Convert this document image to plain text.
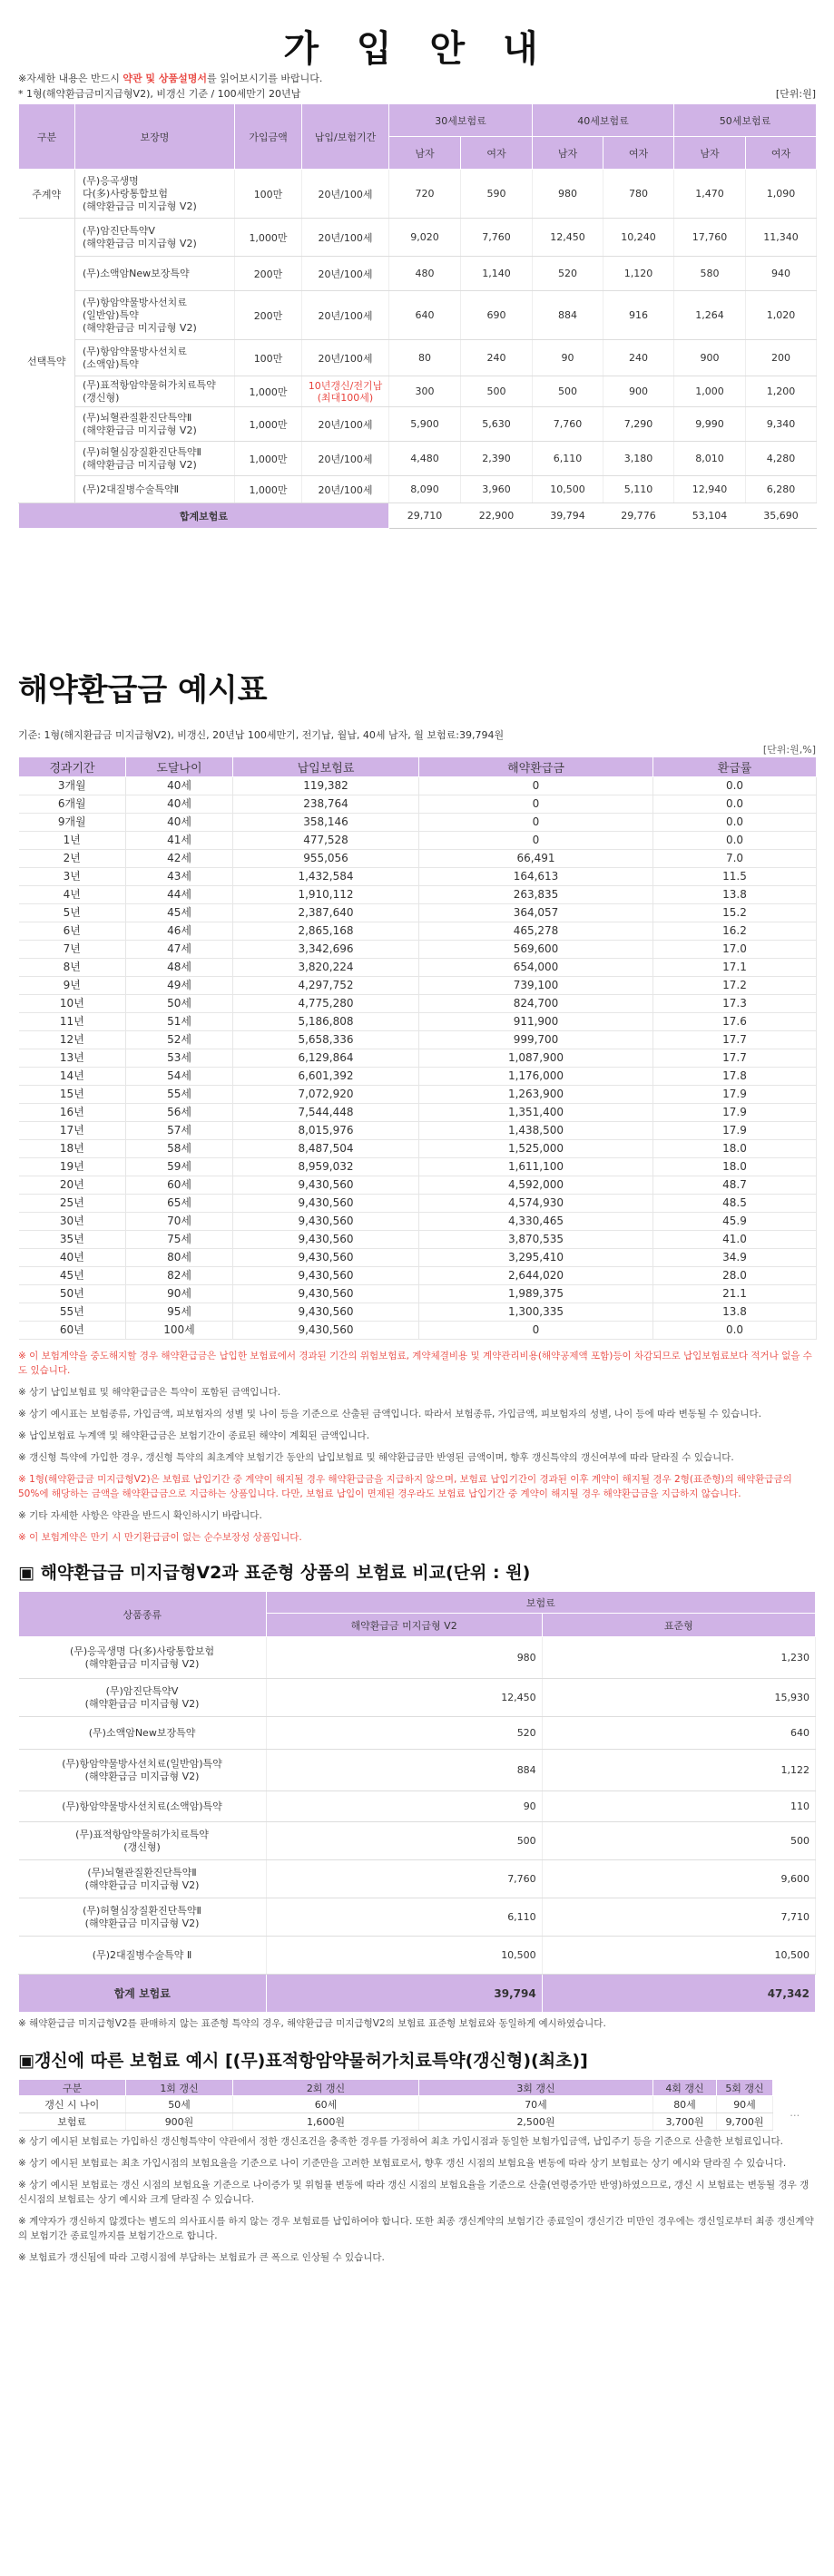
가 입 안 내
※자세한 내용은 반드시 약관 및 상품설명서를 읽어보시기를 바랍니다.
* 1형(해약환급금미지급형Ⅴ2), 비갱신 기준 / 100세만기 20년납	[단위:원]
구분	보장명	가입금액	납입/보험기간	30세보험료		40세보험료		50세보험료	
				남자	여자	남자	여자	남자	여자
주계약	(무)응곡생명
다(多)사랑통합보험
(해약환급금 미지급형 V2)	100만	20년/100세	720	590	980	780	1,470	1,090
선택특약	(무)암진단특약V
(해약환급금 미지급형 V2)	1,000만	20년/100세	9,020	7,760	12,450	10,240	17,760	11,340
	(무)소액암New보장특약	200만	20년/100세	480	1,140	520	1,120	580	940
	(무)항암약물방사선치료
(일반암)특약
(해약환급금 미지급형 V2)	200만	20년/100세	640	690	884	916	1,264	1,020
	(무)항암약물방사선치료
(소액암)특약	100만	20년/100세	80	240	90	240	900	200
	(무)표적항암약물허가치료특약
(갱신형)	1,000만	10년갱신/전기납
(최대100세)	300	500	500	900	1,000	1,200
	(무)뇌혈관질환진단특약Ⅱ
(해약환급금 미지급형 V2)	1,000만	20년/100세	5,900	5,630	7,760	7,290	9,990	9,340
	(무)허혈심장질환진단특약Ⅱ
(해약환급금 미지급형 V2)	1,000만	20년/100세	4,480	2,390	6,110	3,180	8,010	4,280
	(무)2대질병수술특약Ⅱ	1,000만	20년/100세	8,090	3,960	10,500	5,110	12,940	6,280
합계보험료				29,710	22,900	39,794	29,776	53,104	35,690
해약환급금 예시표
기준: 1형(해지환급금 미지급형Ⅴ2), 비갱신, 20년납 100세만기, 전기납, 월납, 40세 남자, 월 보험료:39,794원
[단위:원,%]
경과기간	도달나이	납입보험료	해약환급금	환급률
3개월	40세	119,382	0	0.0
6개월	40세	238,764	0	0.0
9개월	40세	358,146	0	0.0
1년	41세	477,528	0	0.0
2년	42세	955,056	66,491	7.0
3년	43세	1,432,584	164,613	11.5
4년	44세	1,910,112	263,835	13.8
5년	45세	2,387,640	364,057	15.2
6년	46세	2,865,168	465,278	16.2
7년	47세	3,342,696	569,600	17.0
8년	48세	3,820,224	654,000	17.1
9년	49세	4,297,752	739,100	17.2
10년	50세	4,775,280	824,700	17.3
11년	51세	5,186,808	911,900	17.6
12년	52세	5,658,336	999,700	17.7
13년	53세	6,129,864	1,087,900	17.7
14년	54세	6,601,392	1,176,000	17.8
15년	55세	7,072,920	1,263,900	17.9
16년	56세	7,544,448	1,351,400	17.9
17년	57세	8,015,976	1,438,500	17.9
18년	58세	8,487,504	1,525,000	18.0
19년	59세	8,959,032	1,611,100	18.0
20년	60세	9,430,560	4,592,000	48.7
25년	65세	9,430,560	4,574,930	48.5
30년	70세	9,430,560	4,330,465	45.9
35년	75세	9,430,560	3,870,535	41.0
40년	80세	9,430,560	3,295,410	34.9
45년	82세	9,430,560	2,644,020	28.0
50년	90세	9,430,560	1,989,375	21.1
55년	95세	9,430,560	1,300,335	13.8
60년	100세	9,430,560	0	0.0

※ 이 보험계약을 중도해지할 경우 해약환급금은 납입한 보험료에서 경과된 기간의 위험보험료, 계약체결비용 및 계약관리비용(해약공제액 포함)등이 차감되므로 납입보험료보다 적거나 없을 수도 있습니다.

※ 상기 납입보험료 및 해약환급금은 특약이 포함된 금액입니다.

※ 상기 예시표는 보험종류, 가입금액, 피보험자의 성별 및 나이 등을 기준으로 산출된 금액입니다. 따라서 보험종류, 가입금액, 피보험자의 성별, 나이 등에 따라 변동될 수 있습니다.

※ 납입보험료 누계액 및 해약환급금은 보험기간이 종료된 해약이 계획된 금액입니다.

※ 갱신형 특약에 가입한 경우, 갱신형 특약의 최초계약 보험기간 동안의 납입보험료 및 해약환급금만 반영된 금액이며, 향후 갱신특약의 갱신여부에 따라 달라질 수 있습니다.

※ 1형(해약환급금 미지급형V2)은 보험료 납입기간 중 계약이 해지될 경우 해약환급금을 지급하지 않으며, 보험료 납입기간이 경과된 이후 계약이 해지될 경우 2형(표준형)의 해약환급금의 50%에 해당하는 금액을 해약환급금으로 지급하는 상품입니다. 다만, 보험료 납입이 면제된 경우라도 보험료 납입기간 중 계약이 해지될 경우 해약환급금을 지급하지 않습니다.

※ 기타 자세한 사항은 약관을 반드시 확인하시기 바랍니다.

※ 이 보험계약은 만기 시 만기환급금이 없는 순수보장성 상품입니다.

▣ 해약환급금 미지급형Ⅴ2과 표준형 상품의 보험료 비교(단위 : 원)
상품종류	보험료	
	해약환급금 미지급형 V2	표준형
(무)응곡생명 다(多)사랑통합보험
(해약환급금 미지급형 V2)	980	1,230
(무)암진단특약V
(해약환급금 미지급형 V2)	12,450	15,930
(무)소액암New보장특약	520	640
(무)항암약물방사선치료(일반암)특약
(해약환급금 미지급형 V2)	884	1,122
(무)항암약물방사선치료(소액암)특약	90	110
(무)표적항암약물허가치료특약
(갱신형)	500	500
(무)뇌혈관질환진단특약Ⅱ
(해약환급금 미지급형 V2)	7,760	9,600
(무)허혈심장질환진단특약Ⅱ
(해약환급금 미지급형 V2)	6,110	7,710
(무)2대질병수술특약 Ⅱ	10,500	10,500
합계 보험료	39,794	47,342

※ 해약환급금 미지급형Ⅴ2를 판매하지 않는 표준형 특약의 경우, 해약환급금 미지급형Ⅴ2의 보험료 표준형 보험료와 동일하게 예시하였습니다.

▣갱신에 따른 보험료 예시 [(무)표적항암약물허가치료특약(갱신형)(최초)]
구분	1회 갱신	2회 갱신	3회 갱신	4회 갱신	5회 갱신	
갱신 시 나이	50세	60세	70세	80세	90세	…
보험료	900원	1,600원	2,500원	3,700원	9,700원	

※ 상기 예시된 보험료는 가입하신 갱신형특약이 약관에서 정한 갱신조건을 충족한 경우를 가정하여 최초 가입시점과 동일한 보험가입금액, 납입주기 등을 기준으로 산출한 보험료입니다.

※ 상기 예시된 보험료는 최초 가입시점의 보험요율을 기준으로 나이 기준만을 고려한 보험료로서, 향후 갱신 시점의 보험요율 변동에 따라 상기 보험료는 상기 예시와 달라질 수 있습니다.

※ 상기 예시된 보험료는 갱신 시점의 보험요율 기준으로 나이증가 및 위험률 변동에 따라 갱신 시점의 보험요율을 기준으로 산출(연령증가만 반영)하였으므로, 갱신 시 보험료는 변동될 경우 갱신시점의 보험료는 상기 예시와 크게 달라질 수 있습니다.

※ 계약자가 갱신하지 않겠다는 별도의 의사표시를 하지 않는 경우 보험료를 납입하여야 합니다. 또한 최종 갱신계약의 보험기간 종료일이 갱신기간 미만인 경우에는 갱신일로부터 최종 갱신계약의 보험기간 종료일까지를 보험기간으로 합니다.

※ 보험료가 갱신됨에 따라 고령시점에 부담하는 보험료가 큰 폭으로 인상될 수 있습니다.
